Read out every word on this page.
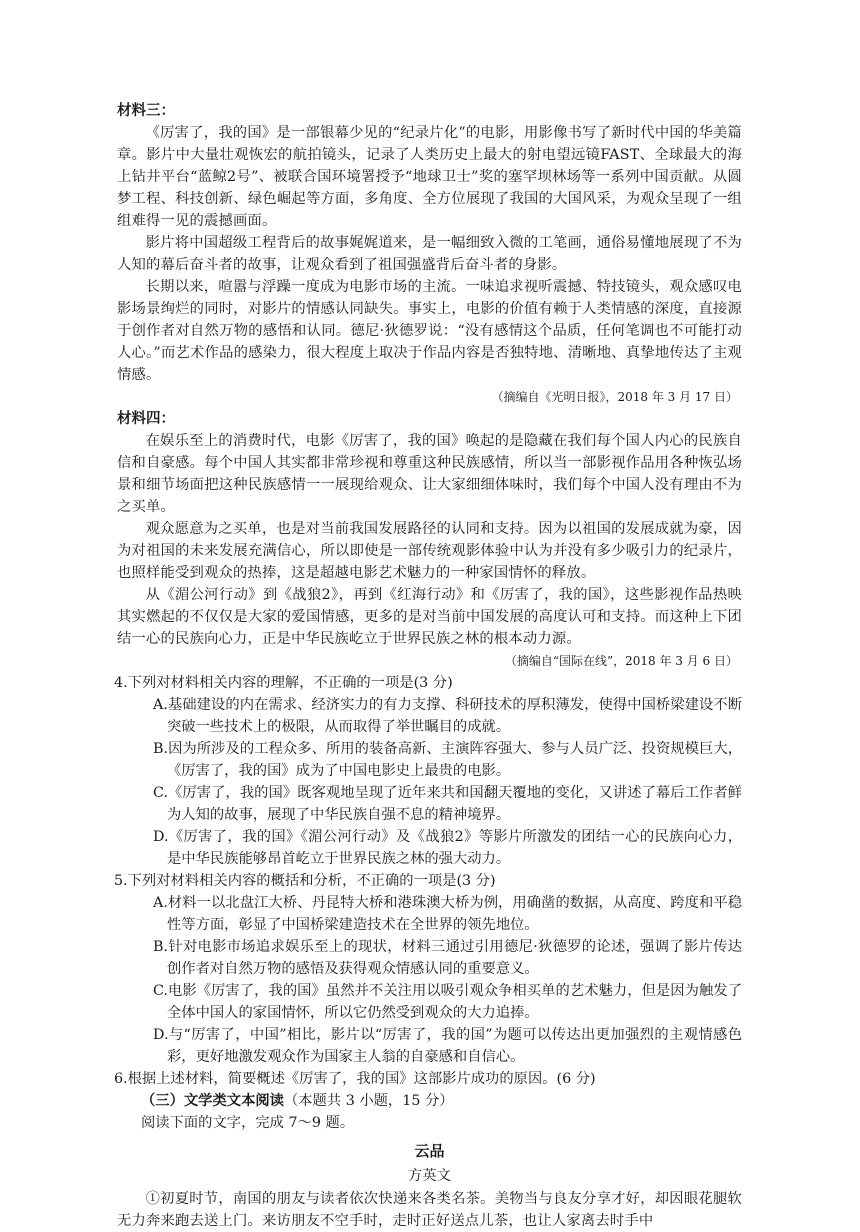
材料三：

《厉害了，我的国》是一部银幕少见的“纪录片化”的电影，用影像书写了新时代中国的华美篇章。影片中大量壮观恢宏的航拍镜头，记录了人类历史上最大的射电望远镜FAST、全球最大的海上钻井平台“蓝鲸2号”、被联合国环境署授予“地球卫士”奖的塞罕坝林场等一系列中国贡献。从圆梦工程、科技创新、绿色崛起等方面，多角度、全方位展现了我国的大国风采，为观众呈现了一组组难得一见的震撼画面。

影片将中国超级工程背后的故事娓娓道来，是一幅细致入微的工笔画，通俗易懂地展现了不为人知的幕后奋斗者的故事，让观众看到了祖国强盛背后奋斗者的身影。

长期以来，喧嚣与浮躁一度成为电影市场的主流。一味追求视听震撼、特技镜头，观众感叹电影场景绚烂的同时，对影片的情感认同缺失。事实上，电影的价值有赖于人类情感的深度，直接源于创作者对自然万物的感悟和认同。德尼·狄德罗说：“没有感情这个品质，任何笔调也不可能打动人心。”而艺术作品的感染力，很大程度上取决于作品内容是否独特地、清晰地、真挚地传达了主观情感。

（摘编自《光明日报》，2018 年 3 月 17 日）

材料四：

在娱乐至上的消费时代，电影《厉害了，我的国》唤起的是隐藏在我们每个国人内心的民族自信和自豪感。每个中国人其实都非常珍视和尊重这种民族感情，所以当一部影视作品用各种恢弘场景和细节场面把这种民族感情一一展现给观众、让大家细细体味时，我们每个中国人没有理由不为之买单。

观众愿意为之买单，也是对当前我国发展路径的认同和支持。因为以祖国的发展成就为豪，因为对祖国的未来发展充满信心，所以即使是一部传统观影体验中认为并没有多少吸引力的纪录片，也照样能受到观众的热捧，这是超越电影艺术魅力的一种家国情怀的释放。

从《湄公河行动》到《战狼2》，再到《红海行动》和《厉害了，我的国》，这些影视作品热映其实燃起的不仅仅是大家的爱国情感，更多的是对当前中国发展的高度认可和支持。而这种上下团结一心的民族向心力，正是中华民族屹立于世界民族之林的根本动力源。

（摘编自“国际在线”，2018 年 3 月 6 日）

4.下列对材料相关内容的理解，不正确的一项是(3 分)

A.基础建设的内在需求、经济实力的有力支撑、科研技术的厚积薄发，使得中国桥梁建设不断突破一些技术上的极限，从而取得了举世瞩目的成就。

B.因为所涉及的工程众多、所用的装备高新、主演阵容强大、参与人员广泛、投资规模巨大，《厉害了，我的国》成为了中国电影史上最贵的电影。

C.《厉害了，我的国》既客观地呈现了近年来共和国翻天覆地的变化，又讲述了幕后工作者鲜为人知的故事，展现了中华民族自强不息的精神境界。

D.《厉害了，我的国》《湄公河行动》及《战狼2》等影片所激发的团结一心的民族向心力，是中华民族能够昂首屹立于世界民族之林的强大动力。

5.下列对材料相关内容的概括和分析，不正确的一项是(3 分)

A.材料一以北盘江大桥、丹昆特大桥和港珠澳大桥为例，用确凿的数据，从高度、跨度和平稳性等方面，彰显了中国桥梁建造技术在全世界的领先地位。

B.针对电影市场追求娱乐至上的现状，材料三通过引用德尼·狄德罗的论述，强调了影片传达创作者对自然万物的感悟及获得观众情感认同的重要意义。

C.电影《厉害了，我的国》虽然并不关注用以吸引观众争相买单的艺术魅力，但是因为触发了全体中国人的家国情怀，所以它仍然受到观众的大力追捧。

D.与“厉害了，中国”相比，影片以“厉害了，我的国”为题可以传达出更加强烈的主观情感色彩，更好地激发观众作为国家主人翁的自豪感和自信心。

6.根据上述材料，简要概述《厉害了，我的国》这部影片成功的原因。(6 分)

（三）文学类文本阅读（本题共 3 小题，15 分）

阅读下面的文字，完成 7～9 题。

云品

方英文

①初夏时节，南国的朋友与读者依次快递来各类名茶。美物当与良友分享才好，却因眼花腿软无力奔来跑去送上门。来访朋友不空手时，走时正好送点儿茶，也让人家离去时手中
